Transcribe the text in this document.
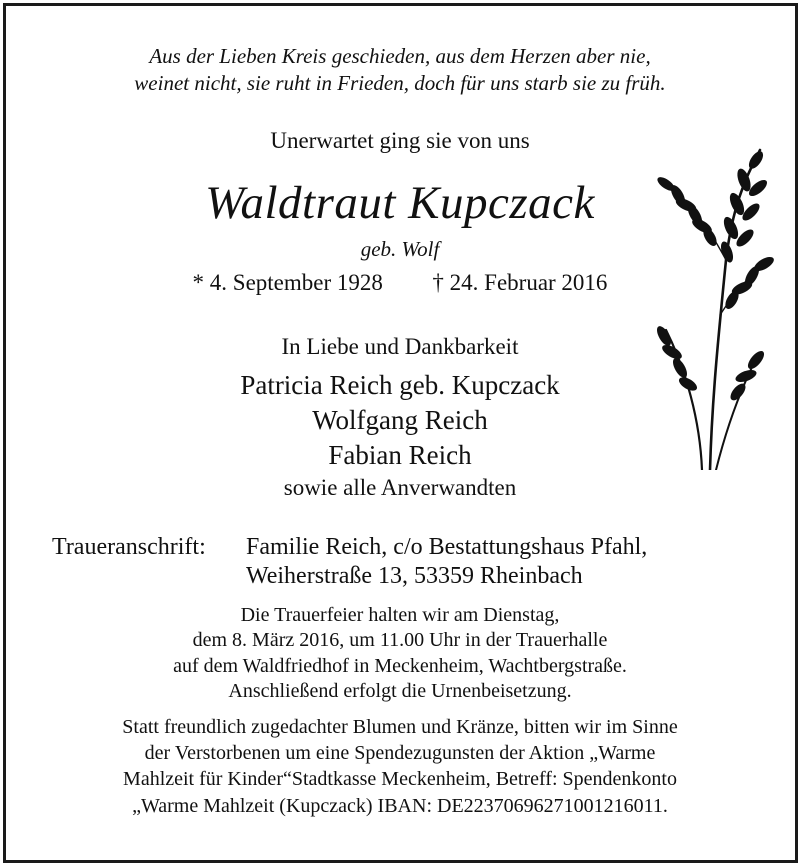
Aus der Lieben Kreis geschieden, aus dem Herzen aber nie,
weinet nicht, sie ruht in Frieden, doch für uns starb sie zu früh.
Unerwartet ging sie von uns
Waldtraut Kupczack
geb. Wolf
* 4. September 1928 † 24. Februar 2016
In Liebe und Dankbarkeit
Patricia Reich geb. Kupczack
Wolfgang Reich
Fabian Reich
sowie alle Anverwandten
Traueranschrift: Familie Reich, c/o Bestattungshaus Pfahl,
Weiherstraße 13, 53359 Rheinbach
Die Trauerfeier halten wir am Dienstag,
dem 8. März 2016, um 11.00 Uhr in der Trauerhalle
auf dem Waldfriedhof in Meckenheim, Wachtbergstraße.
Anschließend erfolgt die Urnenbeisetzung.
Statt freundlich zugedachter Blumen und Kränze, bitten wir im Sinne
der Verstorbenen um eine Spendezugunsten der Aktion „Warme
Mahlzeit für Kinder“Stadtkasse Meckenheim, Betreff: Spendenkonto
„Warme Mahlzeit (Kupczack) IBAN: DE22370696271001216011.
